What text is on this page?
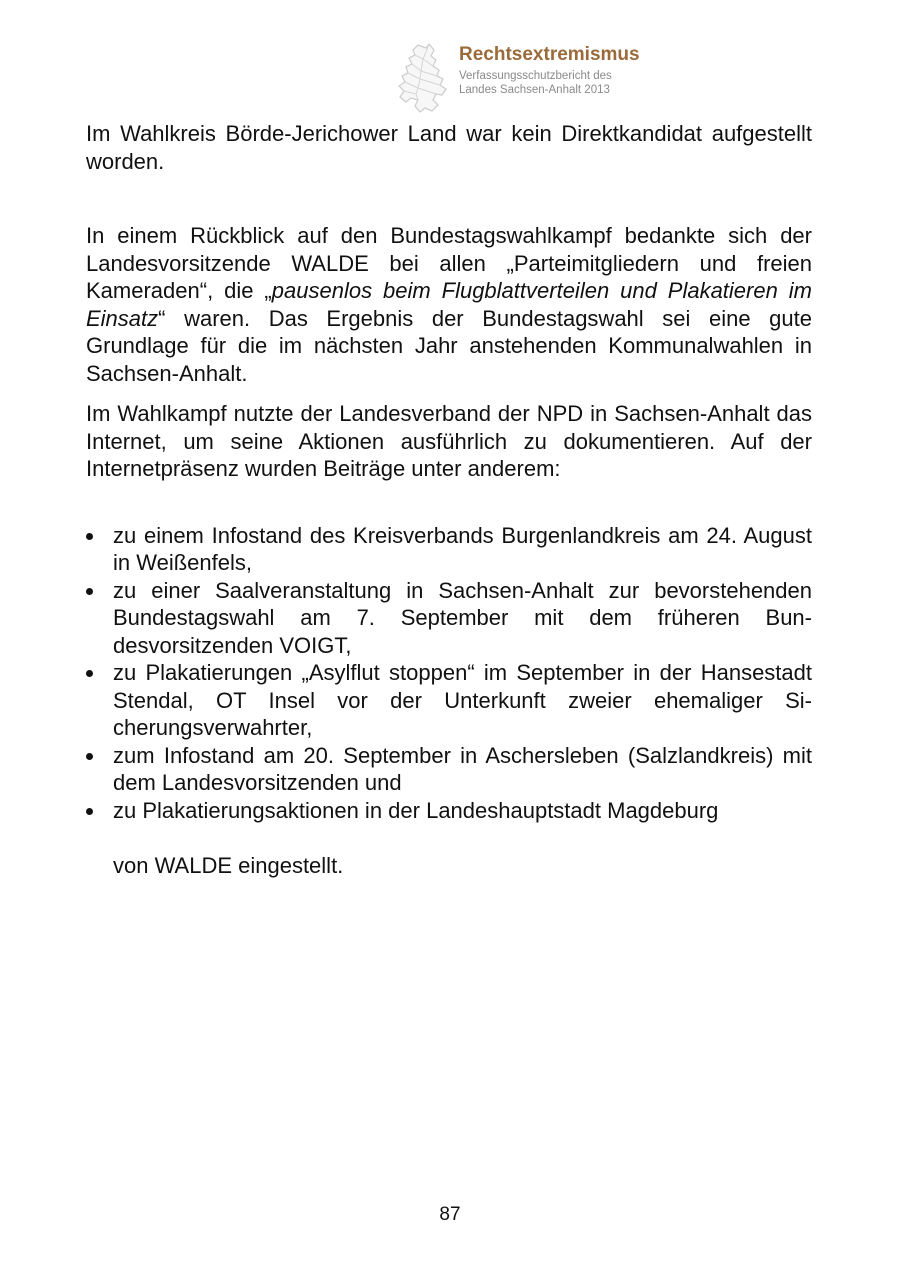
Rechtsextremismus
Verfassungsschutzbericht des
Landes Sachsen-Anhalt 2013

Im Wahlkreis Börde-Jerichower Land war kein Direktkandidat aufgestellt worden.

In einem Rückblick auf den Bundestagswahlkampf bedankte sich der Landesvorsitzende WALDE bei allen „Parteimitgliedern und freien Kameraden“, die „pausenlos beim Flugblattverteilen und Plakatieren im Einsatz“ waren. Das Ergebnis der Bundestagswahl sei eine gute Grundlage für die im nächsten Jahr anstehenden Kommunalwahlen in Sachsen-Anhalt.

Im Wahlkampf nutzte der Landesverband der NPD in Sachsen-Anhalt das Internet, um seine Aktionen ausführlich zu dokumentieren. Auf der Internetpräsenz wurden Beiträge unter anderem:

zu einem Infostand des Kreisverbands Burgenlandkreis am 24. August in Weißenfels,
zu einer Saalveranstaltung in Sachsen-Anhalt zur bevorstehenden Bundestagswahl am 7. September mit dem früheren Bundesvorsitzenden VOIGT,
zu Plakatierungen „Asylflut stoppen“ im September in der Hansestadt Stendal, OT Insel vor der Unterkunft zweier ehemaliger Sicherungsverwahrter,
zum Infostand am 20. September in Aschersleben (Salzlandkreis) mit dem Landesvorsitzenden und
zu Plakatierungsaktionen in der Landeshauptstadt Magdeburg

von WALDE eingestellt.

87
